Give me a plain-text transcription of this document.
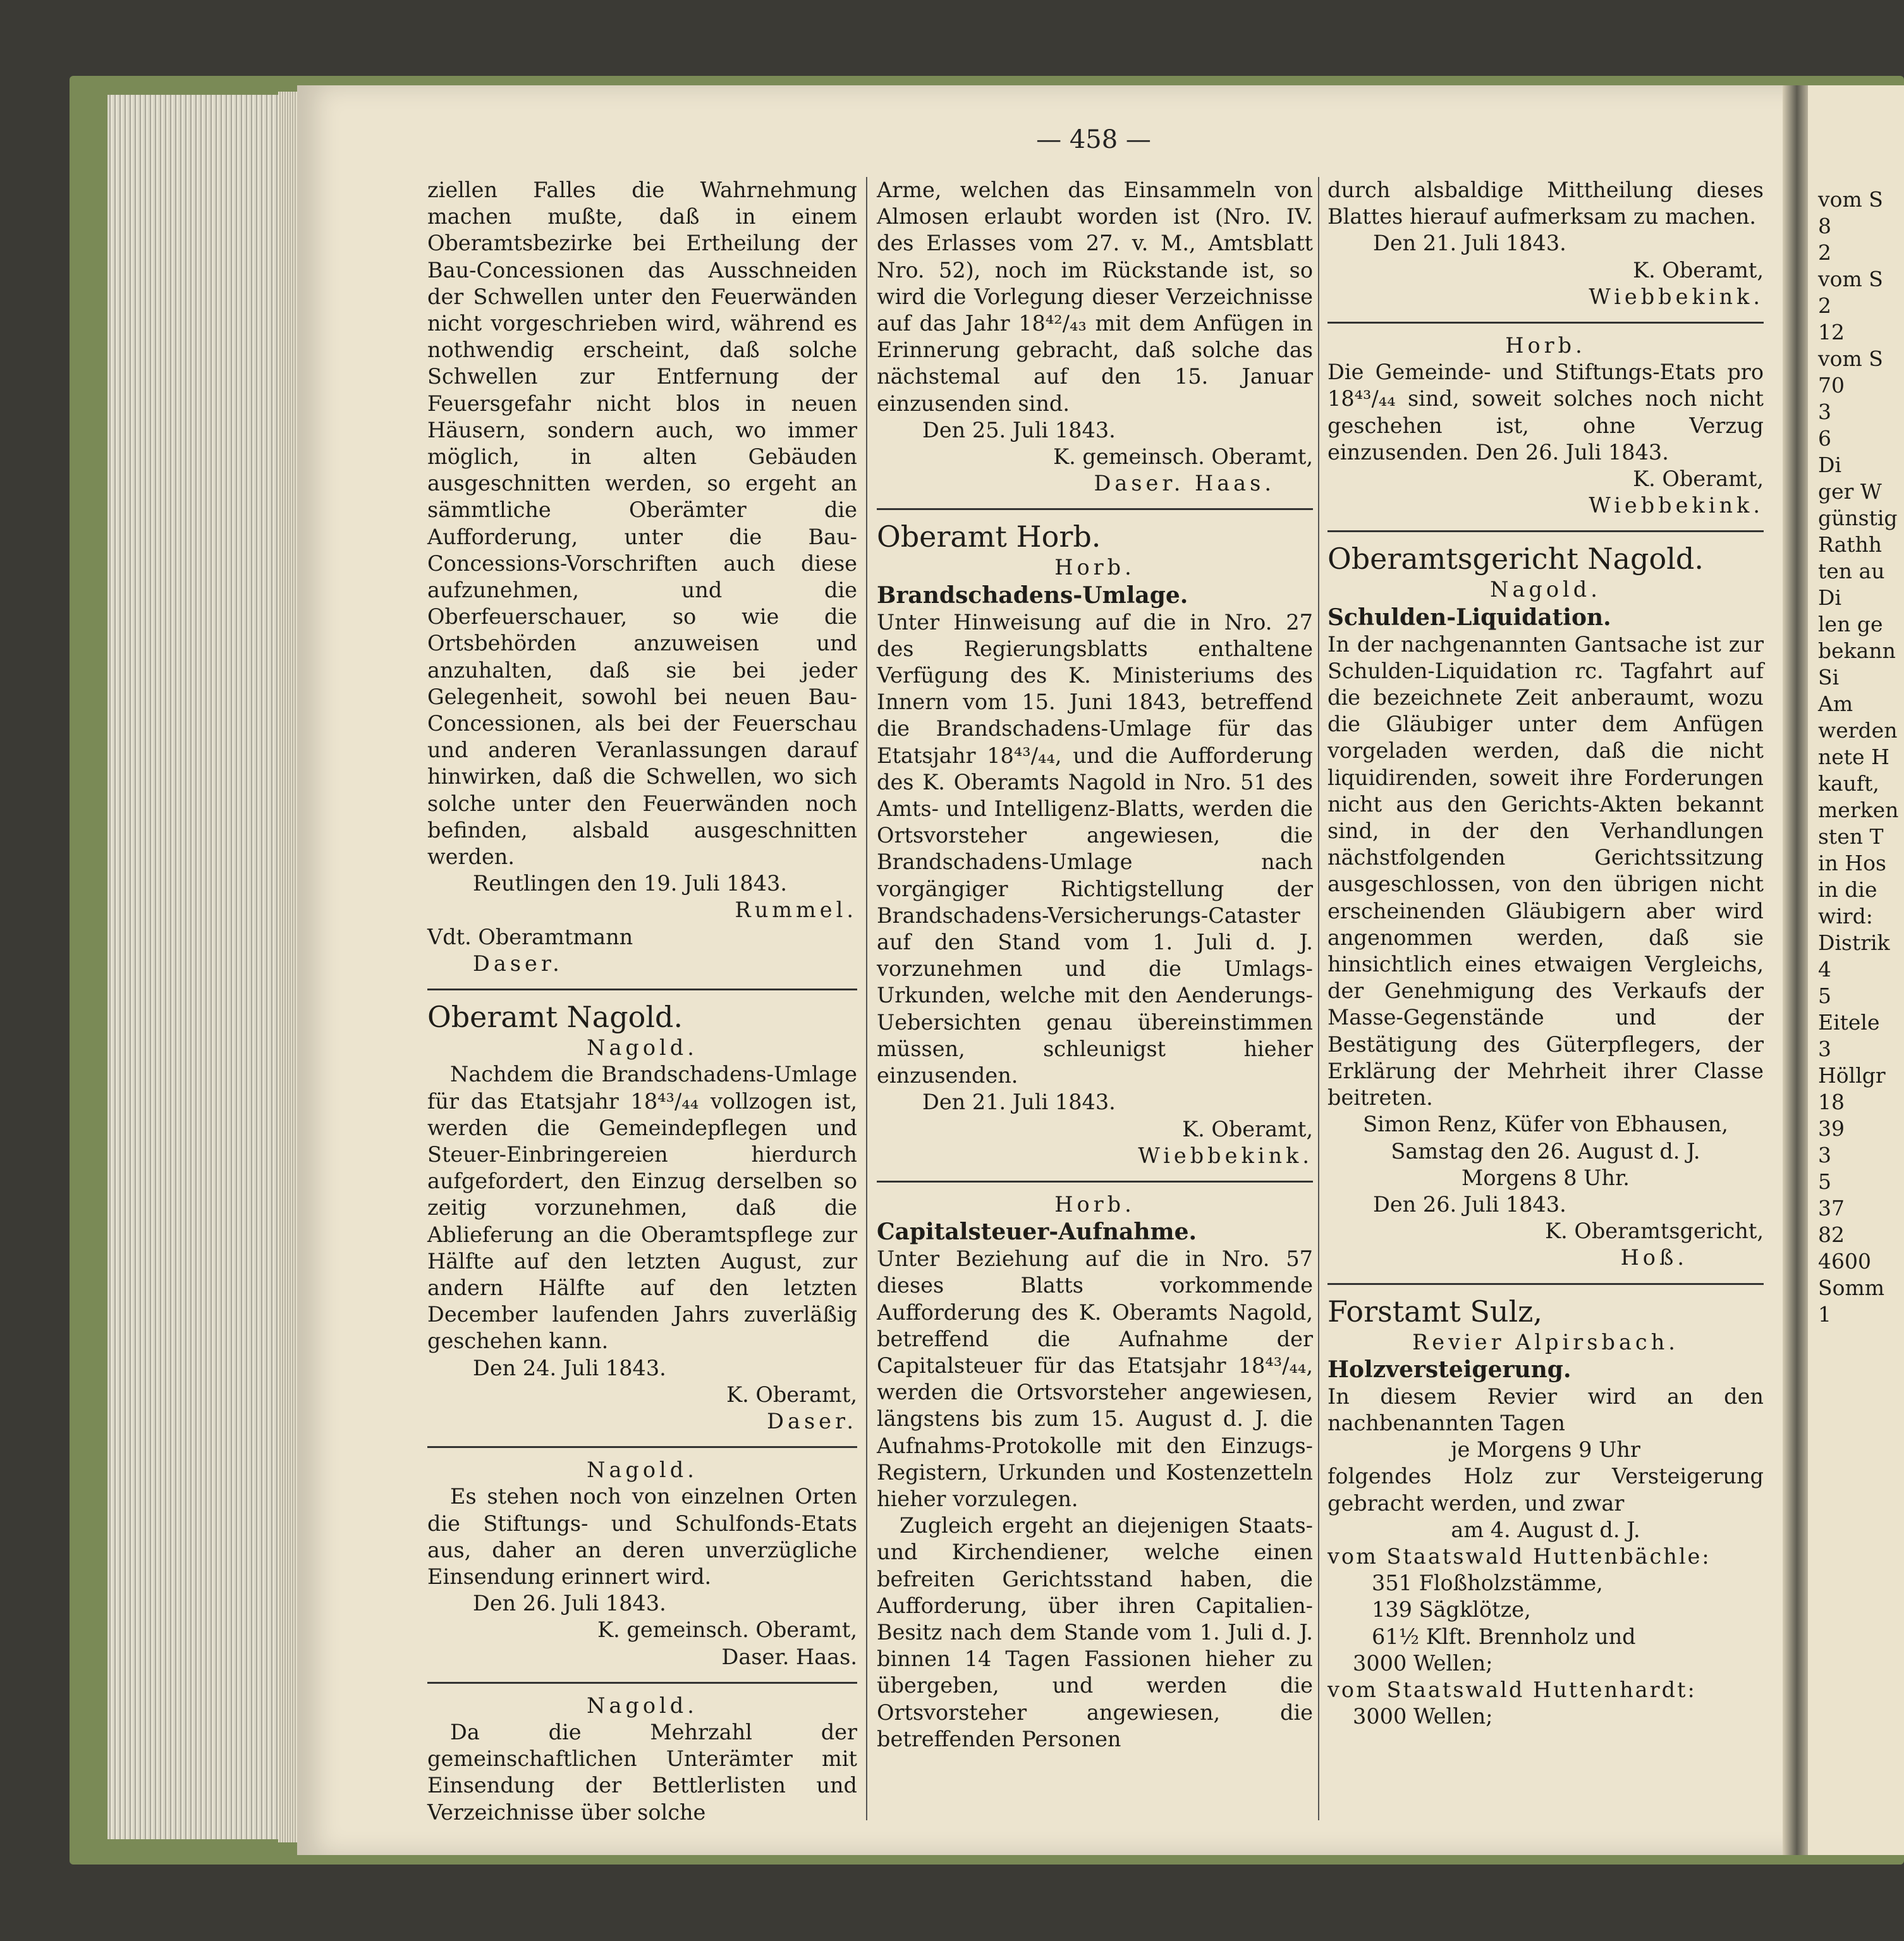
vom S
8
2
vom S
2
12
vom S
70
3
6
Di
ger W
günstig
Rathh
ten au
Di
len ge
bekann
Si
Am
werden
nete H
kauft,
merken
sten T
in Hos
in die
wird:
Distrik
4
5
Eitele
3
Höllgr
18
39
3
5
37
82
4600
Somm
1
— 458 —

ziellen Falles die Wahrnehmung machen mußte, daß in einem Oberamtsbezirke bei Ertheilung der Bau-Concessionen das Ausschneiden der Schwellen unter den Feuerwänden nicht vorgeschrieben wird, während es nothwendig erscheint, daß solche Schwellen zur Entfernung der Feuersgefahr nicht blos in neuen Häusern, sondern auch, wo immer möglich, in alten Gebäuden ausgeschnitten werden, so ergeht an sämmtliche Oberämter die Aufforderung, unter die Bau-Concessions-Vorschriften auch diese aufzunehmen, und die Oberfeuerschauer, so wie die Ortsbehörden anzuweisen und anzuhalten, daß sie bei jeder Gelegenheit, sowohl bei neuen Bau-Concessionen, als bei der Feuerschau und anderen Veranlassungen darauf hinwirken, daß die Schwellen, wo sich solche unter den Feuerwänden noch befinden, alsbald ausgeschnitten werden.

Reutlingen den 19. Juli 1843.

Rummel.

Vdt. Oberamtmann

Daser.

Oberamt Nagold.

Nagold.

Nachdem die Brandschadens-Umlage für das Etatsjahr 18⁴³/₄₄ vollzogen ist, werden die Gemeindepflegen und Steuer-Einbringereien hierdurch aufgefordert, den Einzug derselben so zeitig vorzunehmen, daß die Ablieferung an die Oberamtspflege zur Hälfte auf den letzten August, zur andern Hälfte auf den letzten December laufenden Jahrs zuverläßig geschehen kann.

Den 24. Juli 1843.

K. Oberamt,

Daser.

Nagold.

Es stehen noch von einzelnen Orten die Stiftungs- und Schulfonds-Etats aus, daher an deren unverzügliche Einsendung erinnert wird.

Den 26. Juli 1843.

K. gemeinsch. Oberamt,

Daser. Haas.

Nagold.

Da die Mehrzahl der gemeinschaftlichen Unterämter mit Einsendung der Bettlerlisten und Verzeichnisse über solche

Arme, welchen das Einsammeln von Almosen erlaubt worden ist (Nro. IV. des Erlasses vom 27. v. M., Amtsblatt Nro. 52), noch im Rückstande ist, so wird die Vorlegung dieser Verzeichnisse auf das Jahr 18⁴²/₄₃ mit dem Anfügen in Erinnerung gebracht, daß solche das nächstemal auf den 15. Januar einzusenden sind.

Den 25. Juli 1843.

K. gemeinsch. Oberamt,

Daser. Haas.

Oberamt Horb.

Horb.

Brandschadens-Umlage.

Unter Hinweisung auf die in Nro. 27 des Regierungsblatts enthaltene Verfügung des K. Ministeriums des Innern vom 15. Juni 1843, betreffend die Brandschadens-Umlage für das Etatsjahr 18⁴³/₄₄, und die Aufforderung des K. Oberamts Nagold in Nro. 51 des Amts- und Intelligenz-Blatts, werden die Ortsvorsteher angewiesen, die Brandschadens-Umlage nach vorgängiger Richtigstellung der Brandschadens-Versicherungs-Cataster auf den Stand vom 1. Juli d. J. vorzunehmen und die Umlags-Urkunden, welche mit den Aenderungs-Uebersichten genau übereinstimmen müssen, schleunigst hieher einzusenden.

Den 21. Juli 1843.

K. Oberamt,

Wiebbekink.

Horb.

Capitalsteuer-Aufnahme.

Unter Beziehung auf die in Nro. 57 dieses Blatts vorkommende Aufforderung des K. Oberamts Nagold, betreffend die Aufnahme der Capitalsteuer für das Etatsjahr 18⁴³/₄₄, werden die Ortsvorsteher angewiesen, längstens bis zum 15. August d. J. die Aufnahms-Protokolle mit den Einzugs-Registern, Urkunden und Kostenzetteln hieher vorzulegen.

Zugleich ergeht an diejenigen Staats- und Kirchendiener, welche einen befreiten Gerichtsstand haben, die Aufforderung, über ihren Capitalien-Besitz nach dem Stande vom 1. Juli d. J. binnen 14 Tagen Fassionen hieher zu übergeben, und werden die Ortsvorsteher angewiesen, die betreffenden Personen

durch alsbaldige Mittheilung dieses Blattes hierauf aufmerksam zu machen.

Den 21. Juli 1843.

K. Oberamt,

Wiebbekink.

Horb.

Die Gemeinde- und Stiftungs-Etats pro 18⁴³/₄₄ sind, soweit solches noch nicht geschehen ist, ohne Verzug einzusenden. Den 26. Juli 1843.

K. Oberamt,

Wiebbekink.

Oberamtsgericht Nagold.

Nagold.

Schulden-Liquidation.

In der nachgenannten Gantsache ist zur Schulden-Liquidation rc. Tagfahrt auf die bezeichnete Zeit anberaumt, wozu die Gläubiger unter dem Anfügen vorgeladen werden, daß die nicht liquidirenden, soweit ihre Forderungen nicht aus den Gerichts-Akten bekannt sind, in der den Verhandlungen nächstfolgenden Gerichtssitzung ausgeschlossen, von den übrigen nicht erscheinenden Gläubigern aber wird angenommen werden, daß sie hinsichtlich eines etwaigen Vergleichs, der Genehmigung des Verkaufs der Masse-Gegenstände und der Bestätigung des Güterpflegers, der Erklärung der Mehrheit ihrer Classe beitreten.

Simon Renz, Küfer von Ebhausen,

Samstag den 26. August d. J.

Morgens 8 Uhr.

Den 26. Juli 1843.

K. Oberamtsgericht,

Hoß.

Forstamt Sulz,

Revier Alpirsbach.

Holzversteigerung.

In diesem Revier wird an den nachbenannten Tagen

je Morgens 9 Uhr

folgendes Holz zur Versteigerung gebracht werden, und zwar

am 4. August d. J.

vom Staatswald Huttenbächle:

351 Floßholzstämme,

139 Sägklötze,

61½ Klft. Brennholz und

3000 Wellen;

vom Staatswald Huttenhardt:

3000 Wellen;
